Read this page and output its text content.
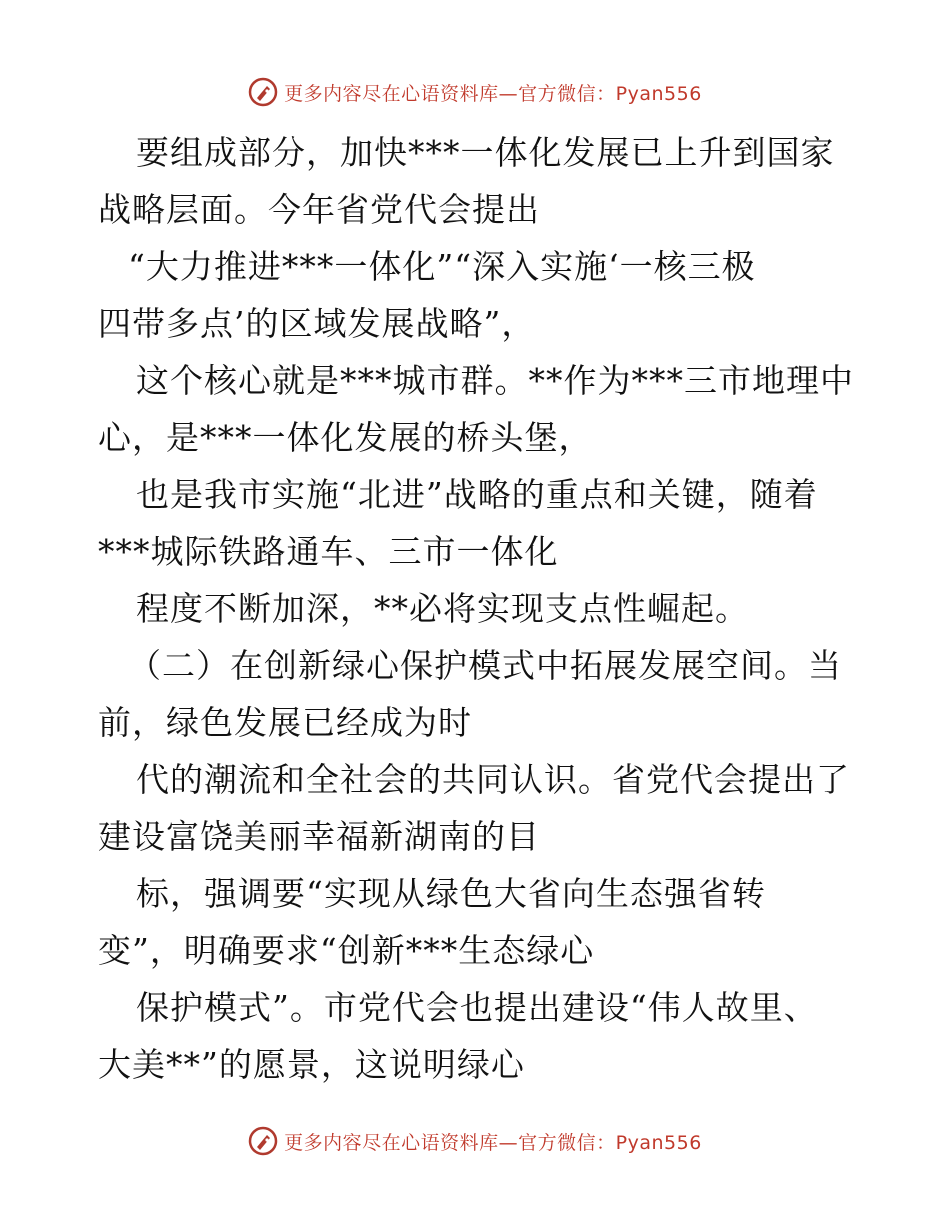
更多内容尽在心语资料库—官方微信：Pyan556
要组成部分，加快***一体化发展已上升到国家
战略层面。今年省党代会提出
“大力推进***一体化”“深入实施‘一核三极
四带多点’的区域发展战略”，
这个核心就是***城市群。**作为***三市地理中
心，是***一体化发展的桥头堡，
也是我市实施“北进”战略的重点和关键，随着
***城际铁路通车、三市一体化
程度不断加深，**必将实现支点性崛起。
（二）在创新绿心保护模式中拓展发展空间。当
前，绿色发展已经成为时
代的潮流和全社会的共同认识。省党代会提出了
建设富饶美丽幸福新湖南的目
标，强调要“实现从绿色大省向生态强省转
变”，明确要求“创新***生态绿心
保护模式”。市党代会也提出建设“伟人故里、
大美**”的愿景，这说明绿心
更多内容尽在心语资料库—官方微信：Pyan556
